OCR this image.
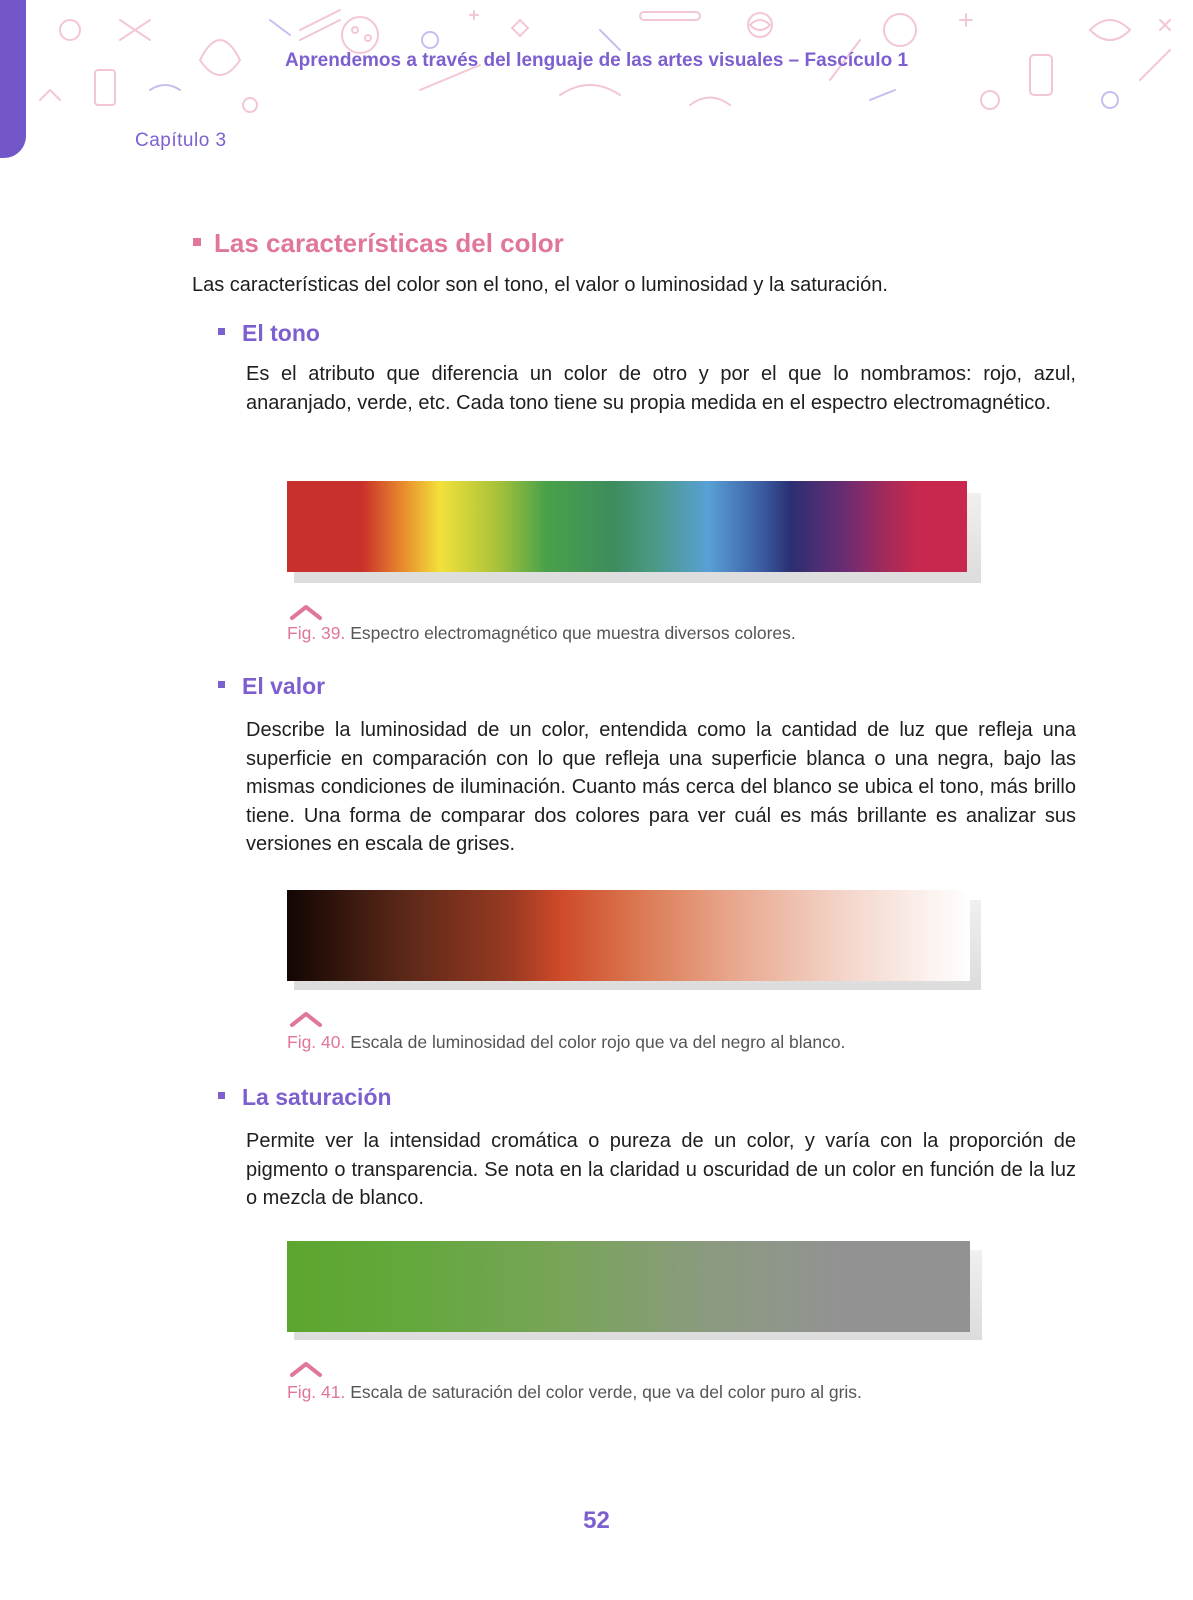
Aprendemos a través del lenguaje de las artes visuales – Fascículo 1
Capítulo 3
Las características del color
Las características del color son el tono, el valor o luminosidad y la saturación.
El tono
Es el atributo que diferencia un color de otro y por el que lo nombramos: rojo, azul, anaranjado, verde, etc. Cada tono tiene su propia medida en el espectro electromagnético.
Fig. 39. Espectro electromagnético que muestra diversos colores.
El valor
Describe la luminosidad de un color, entendida como la cantidad de luz que refleja una superficie en comparación con lo que refleja una superficie blanca o una negra, bajo las mismas condiciones de iluminación. Cuanto más cerca del blanco se ubica el tono, más brillo tiene. Una forma de comparar dos colores para ver cuál es más brillante es analizar sus versiones en escala de grises.
Fig. 40. Escala de luminosidad del color rojo que va del negro al blanco.
La saturación
Permite ver la intensidad cromática o pureza de un color, y varía con la proporción de pigmento o transparencia. Se nota en la claridad u oscuridad de un color en función de la luz o mezcla de blanco.
Fig. 41. Escala de saturación del color verde, que va del color puro al gris.
52
